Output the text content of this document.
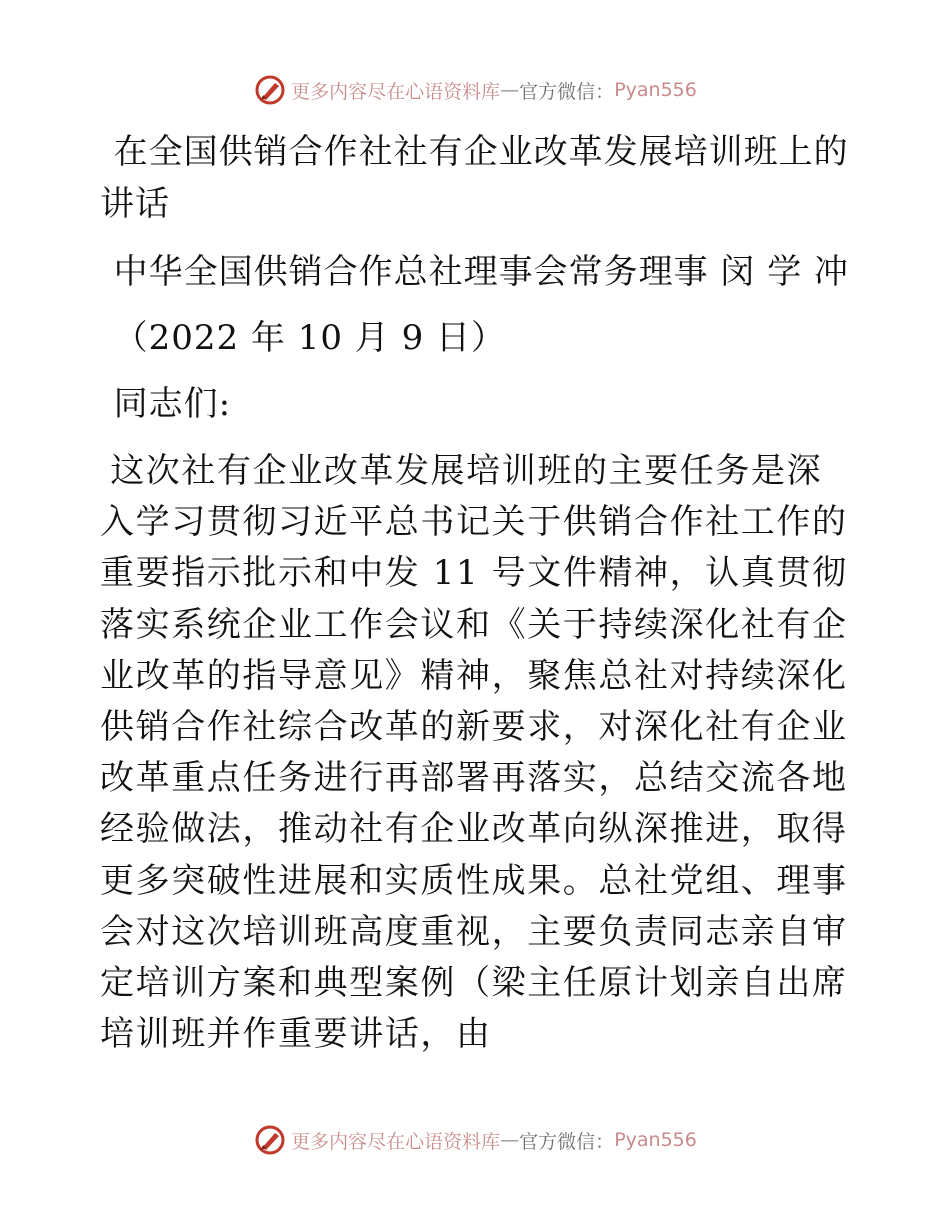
更多内容尽在心语资料库 — 官方微信： Pyan556

在全国供销合作社社有企业改革发展培训班上的讲话

中华全国供销合作总社理事会常务理事 闵 学 冲

（2022 年 10 月 9 日）

同志们:

这次社有企业改革发展培训班的主要任务是深入学习贯彻习近平总书记关于供销合作社工作的重要指示批示和中发 11 号文件精神，认真贯彻落实系统企业工作会议和《关于持续深化社有企业改革的指导意见》精神，聚焦总社对持续深化供销合作社综合改革的新要求，对深化社有企业改革重点任务进行再部署再落实，总结交流各地经验做法，推动社有企业改革向纵深推进，取得更多突破性进展和实质性成果。总社党组、理事会对这次培训班高度重视，主要负责同志亲自审定培训方案和典型案例（梁主任原计划亲自出席培训班并作重要讲话，由

更多内容尽在心语资料库 — 官方微信： Pyan556
